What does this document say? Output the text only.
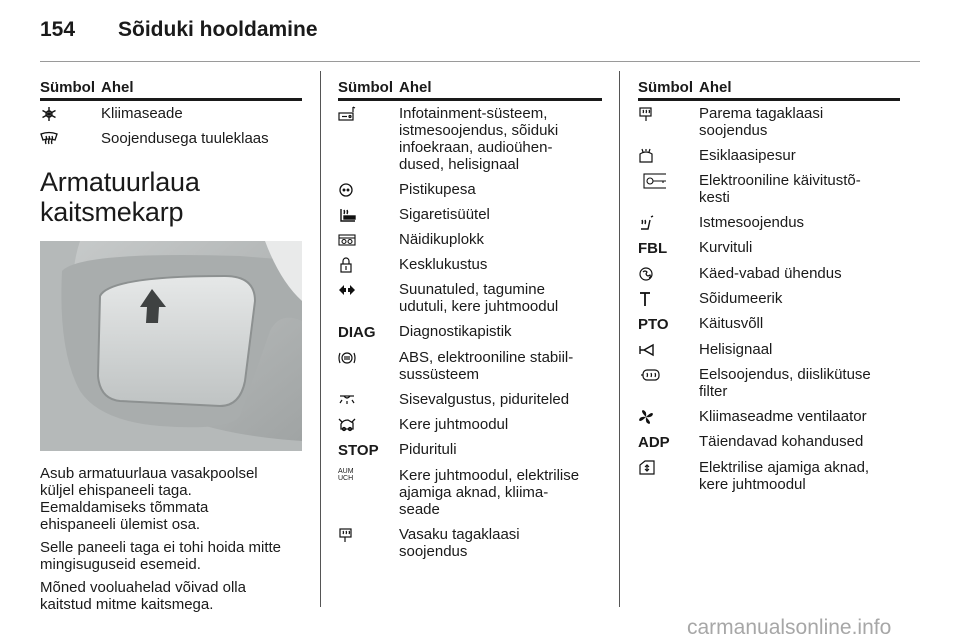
154 Sõiduki hooldamine
Sümbol Ahel
Kliimaseade
Soojendusega tuuleklaas
Armatuurlaua kaitsmekarp
Asub armatuurlaua vasakpoolsel
küljel ehispaneeli taga.
Eemaldamiseks tõmmata
ehispaneeli ülemist osa.
Selle paneeli taga ei tohi hoida mitte
mingisuguseid esemeid.
Mõned vooluahelad võivad olla
kaitstud mitme kaitsmega.
Sümbol Ahel
Infotainment-süsteem,
istmesoojendus, sõiduki
infoekraan, audioühen-
dused, helisignaal
Pistikupesa
Sigaretisüütel
Näidikuplokk
Kesklukustus
Suunatuled, tagumine
udutuli, kere juhtmoodul
DIAG Diagnostikapistik
ABS, elektrooniline stabiil-
sussüsteem
Sisevalgustus, piduriteled
Kere juhtmoodul
STOP Pidurituli
AUM
UCH	Kere juhtmoodul, elektrilise
ajamiga aknad, kliima-
seade
Vasaku tagaklaasi
soojendus
Sümbol Ahel
Parema tagaklaasi
soojendus
Esiklaasipesur
Elektrooniline käivitustõ-
kesti
Istmesoojendus
FBL Kurvituli
Käed-vabad ühendus
Sõidumeerik
PTO Käitusvõll
Helisignaal
Eelsoojendus, diislikütuse
filter
Kliimaseadme ventilaator
ADP Täiendavad kohandused
Elektrilise ajamiga aknad,
kere juhtmoodul
carmanualsonline.info
